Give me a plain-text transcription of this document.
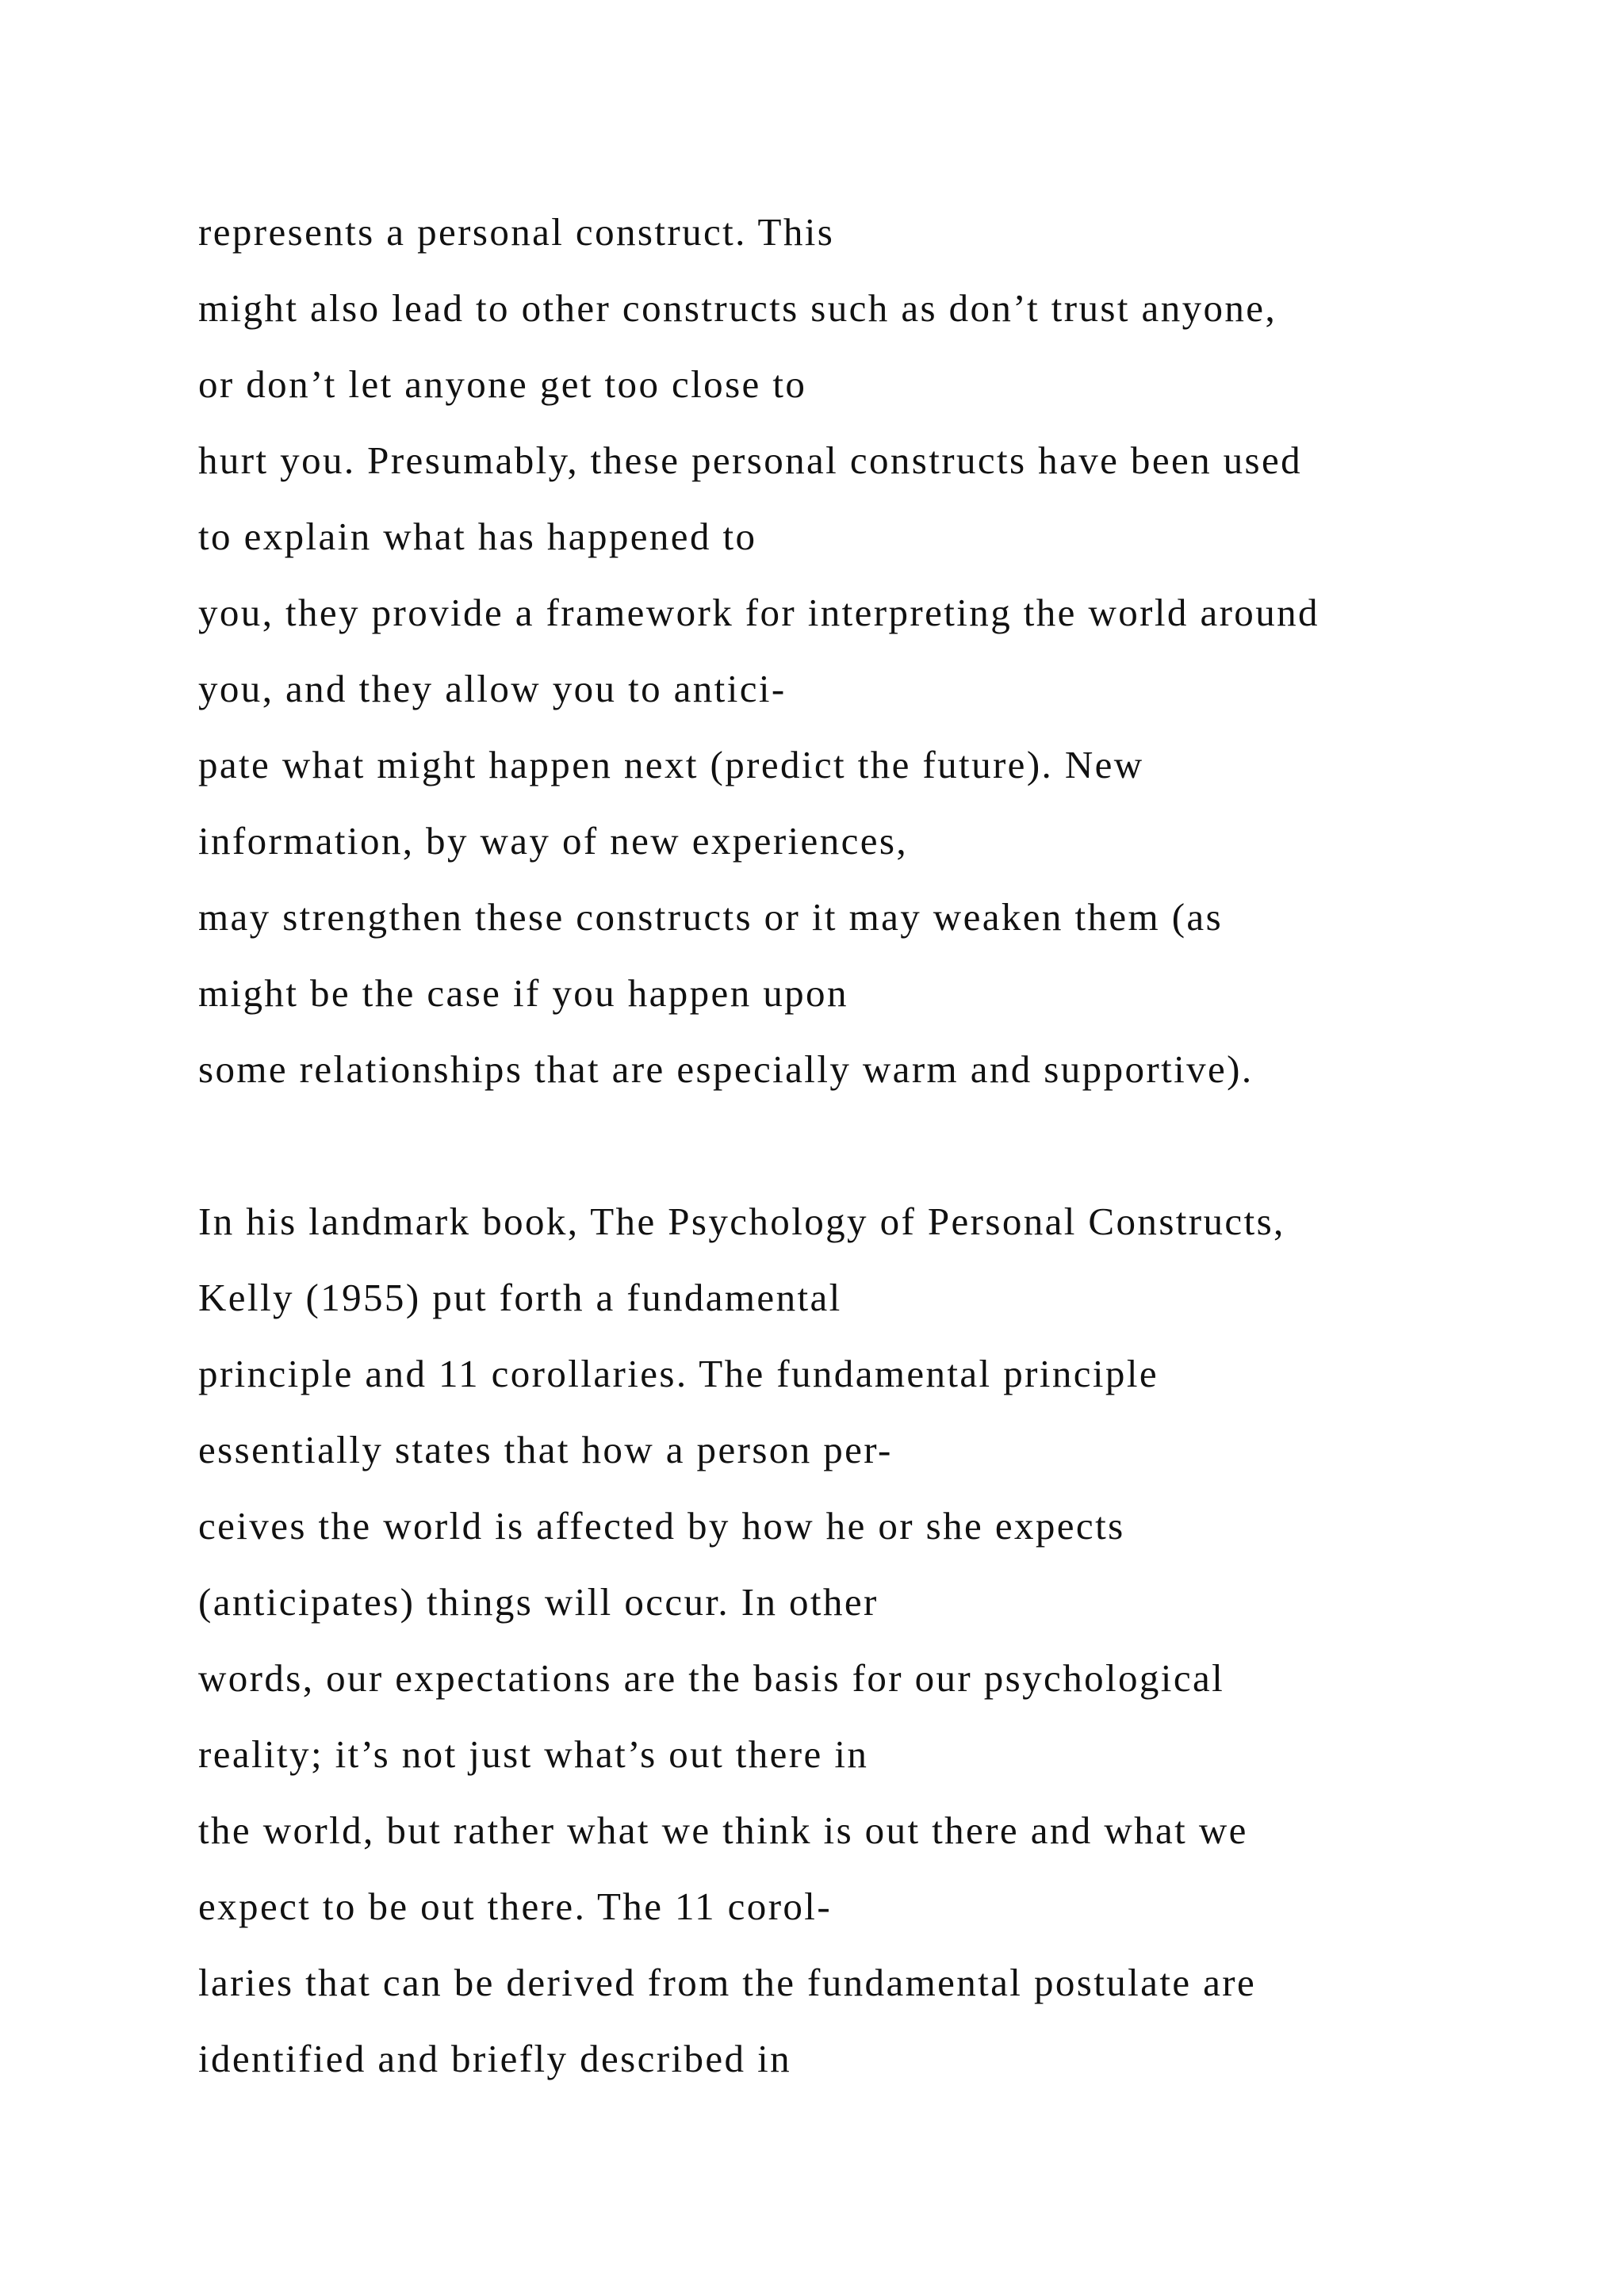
represents a personal construct. This
might also lead to other constructs such as don’t trust anyone,
or don’t let anyone get too close to
hurt you. Presumably, these personal constructs have been used
to explain what has happened to
you, they provide a framework for interpreting the world around
you, and they allow you to antici-
pate what might happen next (predict the future). New
information, by way of new experiences,
may strengthen these constructs or it may weaken them (as
might be the case if you happen upon
some relationships that are especially warm and supportive).
In his landmark book, The Psychology of Personal Constructs,
Kelly (1955) put forth a fundamental
principle and 11 corollaries. The fundamental principle
essentially states that how a person per-
ceives the world is affected by how he or she expects
(anticipates) things will occur. In other
words, our expectations are the basis for our psychological
reality; it’s not just what’s out there in
the world, but rather what we think is out there and what we
expect to be out there. The 11 corol-
laries that can be derived from the fundamental postulate are
identified and briefly described in
